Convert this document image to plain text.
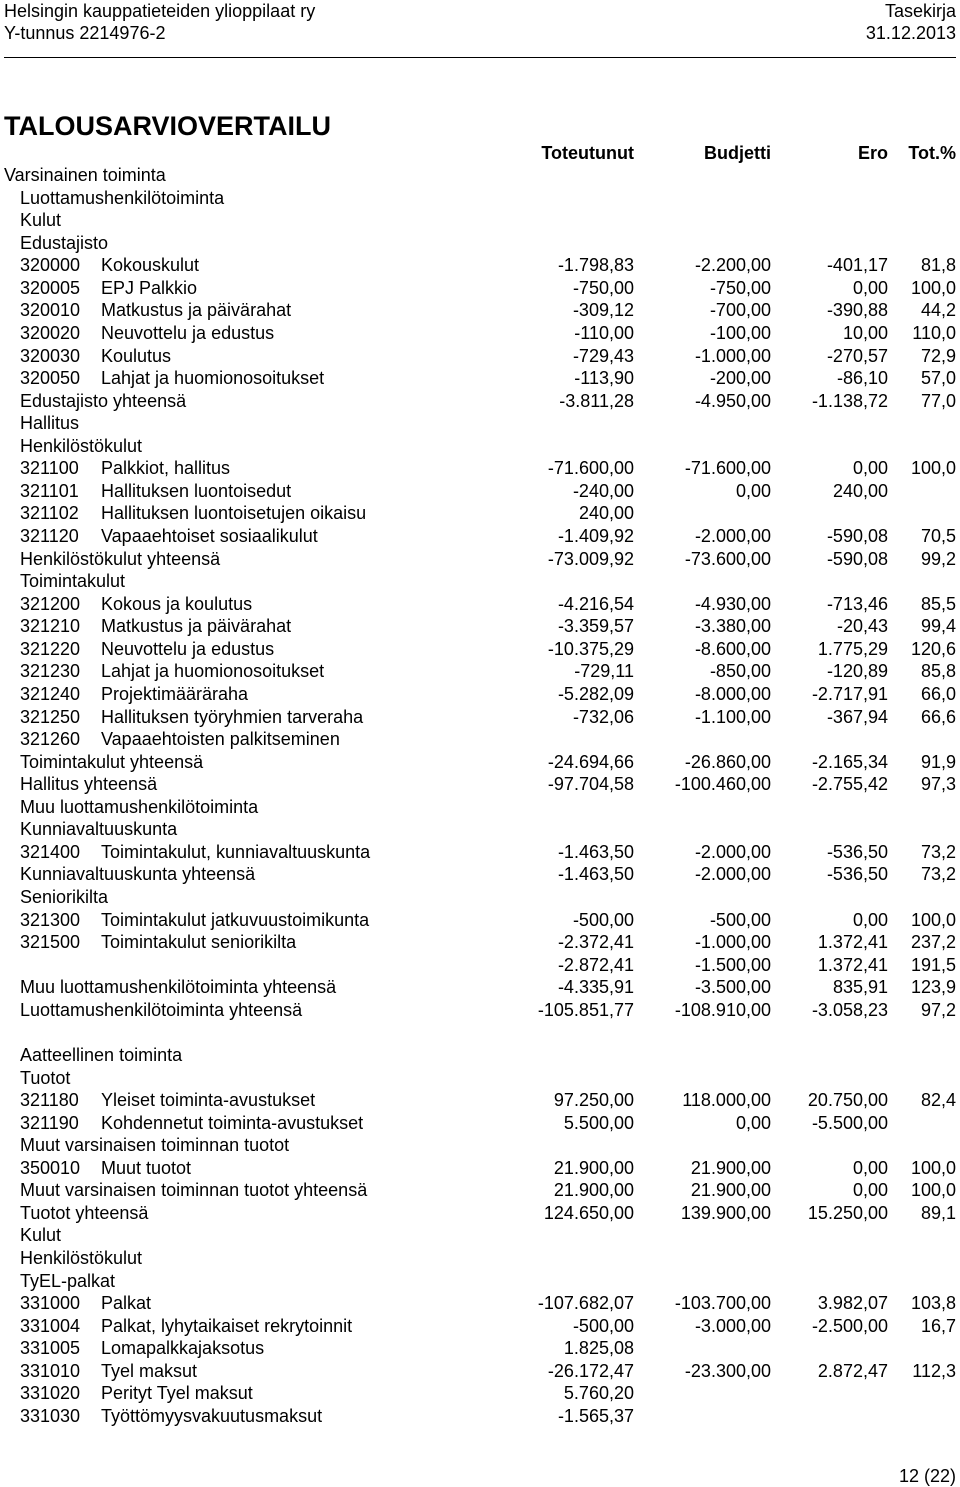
Helsingin kauppatieteiden ylioppilaat ry
Y-tunnus 2214976-2
Tasekirja
31.12.2013
TALOUSARVIOVERTAILU
Toteutunut	Budjetti	Ero Tot.%
Varsinainen toiminta
Luottamushenkilötoiminta
Kulut
Edustajisto
320000 Kokouskulut	-1.798,83	-2.200,00	-401,17 81,8
320005 EPJ Palkkio	-750,00	-750,00	0,00 100,0
320010 Matkustus ja päivärahat	-309,12	-700,00	-390,88 44,2
320020 Neuvottelu ja edustus	-110,00	-100,00	10,00 110,0
320030 Koulutus	-729,43	-1.000,00	-270,57 72,9
320050 Lahjat ja huomionosoitukset	-113,90	-200,00	-86,10 57,0
Edustajisto yhteensä	-3.811,28	-4.950,00 -1.138,72 77,0
Hallitus
Henkilöstökulut
321100 Palkkiot, hallitus	-71.600,00	-71.600,00	0,00 100,0
321101 Hallituksen luontoisedut	-240,00	0,00	240,00
321102 Hallituksen luontoisetujen oikaisu	240,00
321120 Vapaaehtoiset sosiaalikulut	-1.409,92	-2.000,00	-590,08 70,5
Henkilöstökulut yhteensä	-73.009,92	-73.600,00	-590,08 99,2
Toimintakulut
321200 Kokous ja koulutus	-4.216,54	-4.930,00	-713,46 85,5
321210 Matkustus ja päivärahat	-3.359,57	-3.380,00	-20,43 99,4
321220 Neuvottelu ja edustus	-10.375,29	-8.600,00	1.775,29 120,6
321230 Lahjat ja huomionosoitukset	-729,11	-850,00	-120,89 85,8
321240 Projektimääräraha	-5.282,09	-8.000,00 -2.717,91 66,0
321250 Hallituksen työryhmien tarveraha	-732,06	-1.100,00	-367,94 66,6
321260 Vapaaehtoisten palkitseminen
Toimintakulut yhteensä	-24.694,66	-26.860,00 -2.165,34 91,9
Hallitus yhteensä	-97.704,58 -100.460,00 -2.755,42 97,3
Muu luottamushenkilötoiminta
Kunniavaltuuskunta
321400 Toimintakulut, kunniavaltuuskunta	-1.463,50	-2.000,00	-536,50 73,2
Kunniavaltuuskunta yhteensä	-1.463,50	-2.000,00	-536,50 73,2
Seniorikilta
321300 Toimintakulut jatkuvuustoimikunta	-500,00	-500,00	0,00 100,0
321500 Toimintakulut seniorikilta	-2.372,41	-1.000,00	1.372,41 237,2
-2.872,41	-1.500,00	1.372,41 191,5
Muu luottamushenkilötoiminta yhteensä	-4.335,91	-3.500,00	835,91 123,9
Luottamushenkilötoiminta yhteensä	-105.851,77 -108.910,00 -3.058,23 97,2
Aatteellinen toiminta
Tuotot
321180 Yleiset toiminta-avustukset	97.250,00	118.000,00 20.750,00 82,4
321190 Kohdennetut toiminta-avustukset	5.500,00	0,00 -5.500,00
Muut varsinaisen toiminnan tuotot
350010 Muut tuotot	21.900,00	21.900,00	0,00 100,0
Muut varsinaisen toiminnan tuotot yhteensä	21.900,00	21.900,00	0,00 100,0
Tuotot yhteensä	124.650,00	139.900,00 15.250,00 89,1
Kulut
Henkilöstökulut
TyEL-palkat
331000 Palkat	-107.682,07 -103.700,00	3.982,07 103,8
331004 Palkat, lyhytaikaiset rekrytoinnit	-500,00	-3.000,00 -2.500,00 16,7
331005 Lomapalkkajaksotus	1.825,08
331010 Tyel maksut	-26.172,47	-23.300,00	2.872,47 112,3
331020 Perityt Tyel maksut	5.760,20
331030 Työttömyysvakuutusmaksut	-1.565,37
12 (22)
